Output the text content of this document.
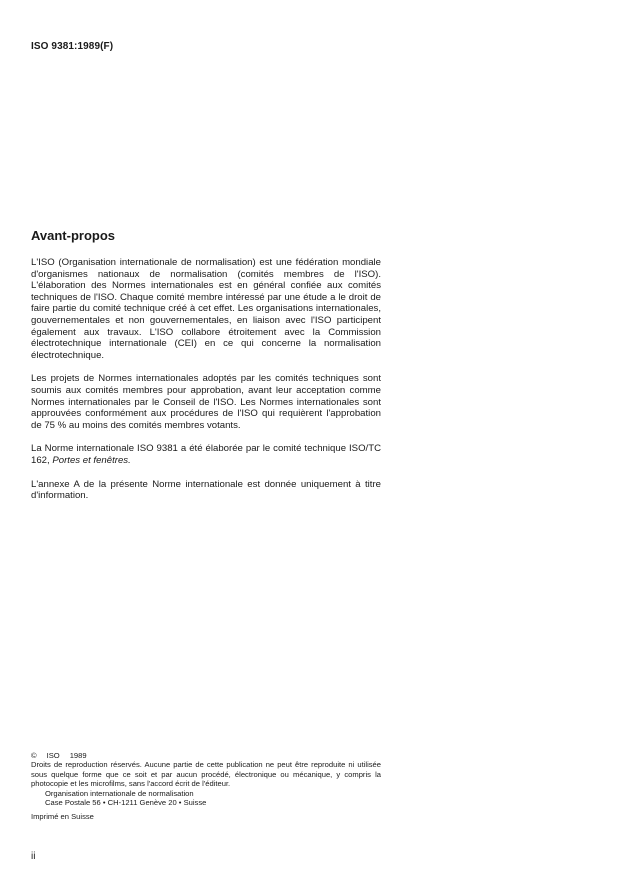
ISO 9381:1989(F)
Avant-propos

L'ISO (Organisation internationale de normalisation) est une fédération mondiale d'organismes nationaux de normalisation (comités membres de l'ISO). L'élaboration des Normes internationales est en général confiée aux comités techniques de l'ISO. Chaque comité membre intéressé par une étude a le droit de faire partie du comité technique créé à cet effet. Les organisations internationales, gouvernementales et non gouvernementales, en liaison avec l'ISO participent également aux travaux. L'ISO collabore étroitement avec la Commission électrotechnique internationale (CEI) en ce qui concerne la normalisation électrotechnique.

Les projets de Normes internationales adoptés par les comités techniques sont soumis aux comités membres pour approbation, avant leur acceptation comme Normes internationales par le Conseil de l'ISO. Les Normes internationales sont approuvées conformément aux procédures de l'ISO qui requièrent l'approbation de 75 % au moins des comités membres votants.

La Norme internationale ISO 9381 a été élaborée par le comité technique ISO/TC 162, Portes et fenêtres.

L'annexe A de la présente Norme internationale est donnée uniquement à titre d'information.

© ISO 1989
Droits de reproduction réservés. Aucune partie de cette publication ne peut être reproduite ni utilisée sous quelque forme que ce soit et par aucun procédé, électronique ou mécanique, y compris la photocopie et les microfilms, sans l'accord écrit de l'éditeur.
Organisation internationale de normalisation
Case Postale 56 • CH-1211 Genève 20 • Suisse
Imprimé en Suisse
ii
